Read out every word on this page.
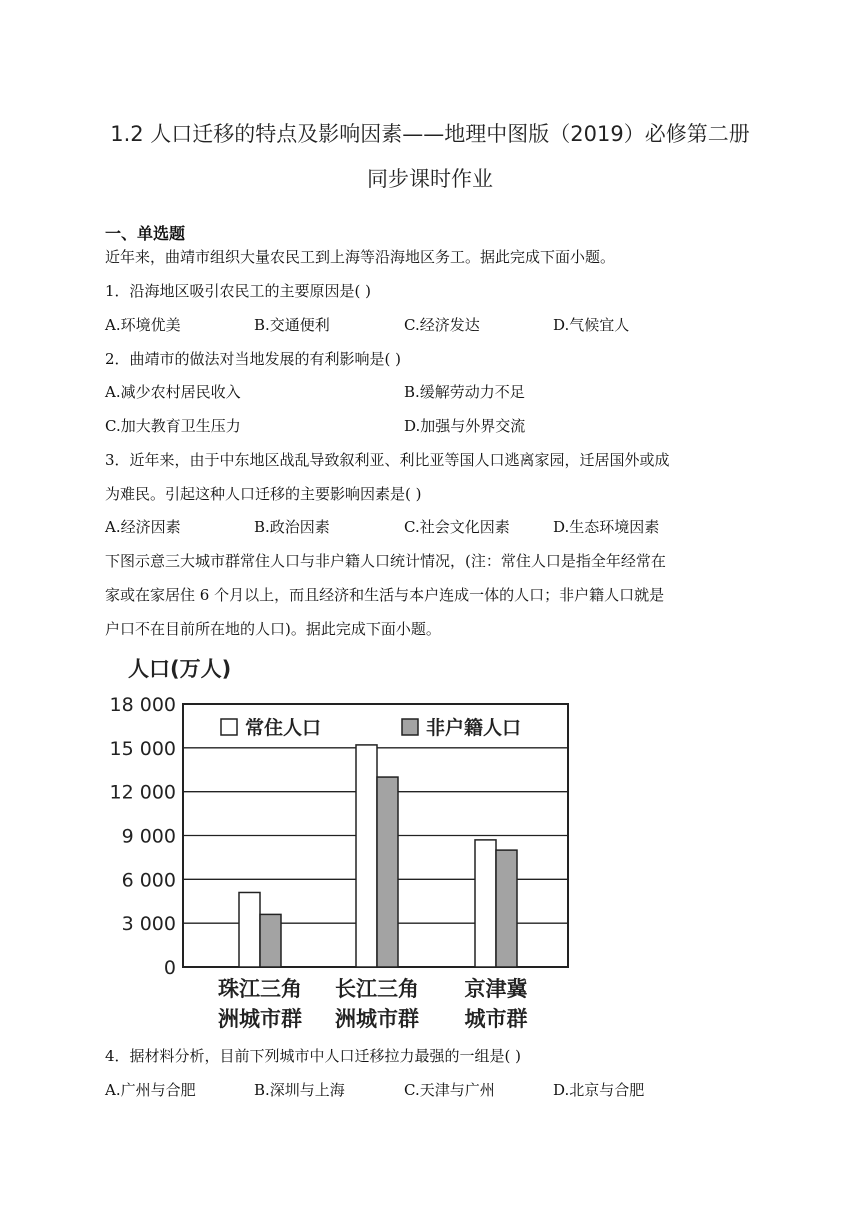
1.2 人口迁移的特点及影响因素——地理中图版（2019）必修第二册
同步课时作业
一、单选题
近年来，曲靖市组织大量农民工到上海等沿海地区务工。据此完成下面小题。
1．沿海地区吸引农民工的主要原因是( )
A.环境优美	B.交通便利	C.经济发达	D.气候宜人
2．曲靖市的做法对当地发展的有利影响是( )
A.减少农村居民收入	B.缓解劳动力不足
C.加大教育卫生压力	D.加强与外界交流
3．近年来，由于中东地区战乱导致叙利亚、利比亚等国人口逃离家园，迁居国外或成
为难民。引起这种人口迁移的主要影响因素是( )
A.经济因素	B.政治因素	C.社会文化因素	D.生态环境因素
下图示意三大城市群常住人口与非户籍人口统计情况，(注：常住人口是指全年经常在
家或在家居住 6 个月以上，而且经济和生活与本户连成一体的人口；非户籍人口就是
户口不在目前所在地的人口)。据此完成下面小题。
人口(万人)
0
3 000
6 000
9 000
12 000
15 000
18 000
珠江三角
洲城市群
长江三角
洲城市群
京津冀
城市群
常住人口	非户籍人口
4．据材料分析，目前下列城市中人口迁移拉力最强的一组是( )
A.广州与合肥	B.深圳与上海	C.天津与广州	D.北京与合肥
